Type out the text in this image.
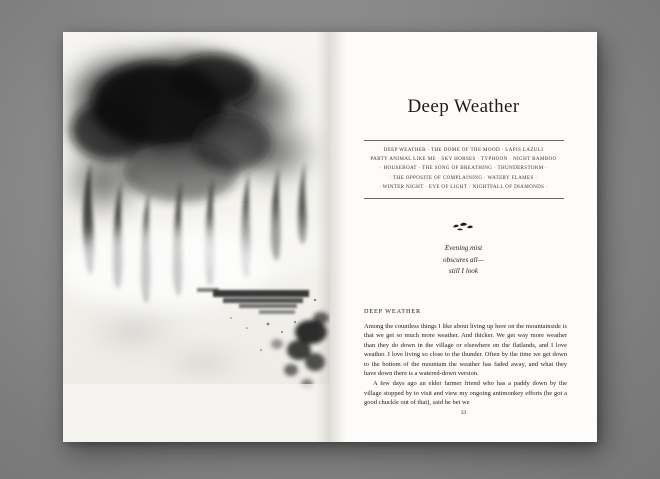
Deep Weather
DEEP WEATHER · THE DOME OF THE MOOD · LAPIS LAZULI
PARTY ANIMAL LIKE ME · SKY HORSES · TYPHOON · NIGHT BAMBOO
· HOUSEBOAT · THE SONG OF BREATHING · THUNDERSTORM ·
· THE OPPOSITE OF COMPLAINING · WATERY FLAMES ·
· WINTER NIGHT · EYE OF LIGHT · NIGHTFALL OF DIAMONDS ·
Evening mist
obscures all—
still I look
DEEP WEATHER

Among the countless things I like about living up here on the mountainside is that we get so much more weather. And thicker. We get way more weather than they do down in the village or elsewhere on the flatlands, and I love weather. I love living so close to the thunder. Often by the time we get down to the bottom of the mountain the weather has faded away, and what they have down there is a watered-down version.

A few days ago an elder farmer friend who has a paddy down by the village stopped by to visit and view my ongoing antimonkey efforts (he got a good chuckle out of that), said he bet we

33
